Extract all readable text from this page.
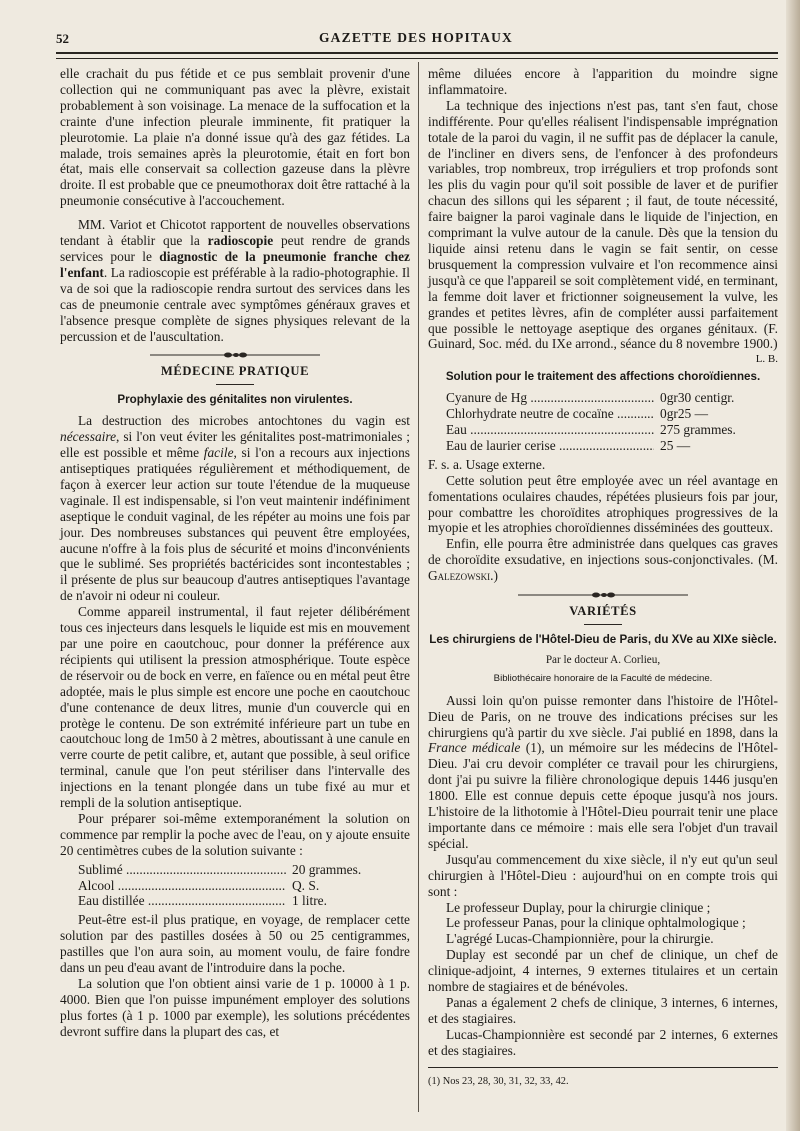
52	GAZETTE DES HOPITAUX

elle crachait du pus fétide et ce pus semblait provenir d'une collection qui ne communiquant pas avec la plèvre, existait probablement à son voisinage. La menace de la suffocation et la crainte d'une infection pleurale imminente, fit pratiquer la pleurotomie. La plaie n'a donné issue qu'à des gaz fétides. La malade, trois semaines après la pleurotomie, était en fort bon état, mais elle conservait sa collection gazeuse dans la plèvre droite. Il est probable que ce pneumothorax doit être rattaché à la pneumonie consécutive à l'accouchement.

MM. Variot et Chicotot rapportent de nouvelles observations tendant à établir que la radioscopie peut rendre de grands services pour le diagnostic de la pneumonie franche chez l'enfant. La radioscopie est préférable à la radio-photographie. Il va de soi que la radioscopie rendra surtout des services dans les cas de pneumonie centrale avec symptômes généraux graves et l'absence presque complète de signes physiques relevant de la percussion et de l'auscultation.

MÉDECINE PRATIQUE
Prophylaxie des génitalites non virulentes.

La destruction des microbes antochtones du vagin est nécessaire, si l'on veut éviter les génitalites post-matrimoniales ; elle est possible et même facile, si l'on a recours aux injections antiseptiques pratiquées régulièrement et méthodiquement, de façon à exercer leur action sur toute l'étendue de la muqueuse vaginale. Il est indispensable, si l'on veut maintenir indéfiniment aseptique le conduit vaginal, de les répéter au moins une fois par jour. Des nombreuses substances qui peuvent être employées, aucune n'offre à la fois plus de sécurité et moins d'inconvénients que le sublimé. Ses propriétés bactéricides sont incontestables ; il présente de plus sur beaucoup d'autres antiseptiques l'avantage de n'avoir ni odeur ni couleur.

Comme appareil instrumental, il faut rejeter délibérément tous ces injecteurs dans lesquels le liquide est mis en mouvement par une poire en caoutchouc, pour donner la préférence aux récipients qui utilisent la pression atmosphérique. Toute espèce de réservoir ou de bock en verre, en faïence ou en métal peut être adoptée, mais le plus simple est encore une poche en caoutchouc d'une contenance de deux litres, munie d'un couvercle qui en protège le contenu. De son extrémité inférieure part un tube en caoutchouc long de 1m50 à 2 mètres, aboutissant à une canule en verre courte de petit calibre, et, autant que possible, à seul orifice terminal, canule que l'on peut stériliser dans l'intervalle des injections en la tenant plongée dans un tube fixé au mur et rempli de la solution antiseptique.

Pour préparer soi-même extemporanément la solution on commence par remplir la poche avec de l'eau, on y ajoute ensuite 20 centimètres cubes de la solution suivante :

Sublimé .....	20 grammes.
Alcool .....	Q. S.
Eau distillée .....	1 litre.

Peut-être est-il plus pratique, en voyage, de remplacer cette solution par des pastilles dosées à 50 ou 25 centigrammes, pastilles que l'on aura soin, au moment voulu, de faire fondre dans un peu d'eau avant de l'introduire dans la poche.

La solution que l'on obtient ainsi varie de 1 p. 10000 à 1 p. 4000. Bien que l'on puisse impunément employer des solutions plus fortes (à 1 p. 1000 par exemple), les solutions précédentes devront suffire dans la plupart des cas, et

même diluées encore à l'apparition du moindre signe inflammatoire.

La technique des injections n'est pas, tant s'en faut, chose indifférente. Pour qu'elles réalisent l'indispensable imprégnation totale de la paroi du vagin, il ne suffit pas de déplacer la canule, de l'incliner en divers sens, de l'enfoncer à des profondeurs variables, trop nombreux, trop irréguliers et trop profonds sont les plis du vagin pour qu'il soit possible de laver et de purifier chacun des sillons qui les séparent ; il faut, de toute nécessité, faire baigner la paroi vaginale dans le liquide de l'injection, en comprimant la vulve autour de la canule. Dès que la tension du liquide ainsi retenu dans le vagin se fait sentir, on cesse brusquement la compression vulvaire et l'on recommence ainsi jusqu'à ce que l'appareil se soit complètement vidé, en terminant, la femme doit laver et frictionner soigneusement la vulve, les grandes et petites lèvres, afin de compléter aussi parfaitement que possible le nettoyage aseptique des organes génitaux. (F. Guinard, Soc. méd. du IXe arrond., séance du 8 novembre 1900.)

L. B.
Solution pour le traitement des affections choroïdiennes.
Cyanure de Hg .....	0gr30 centigr.
Chlorhydrate neutre de cocaïne .....	0gr25 —
Eau .....	275 grammes.
Eau de laurier cerise .....	25 —

F. s. a. Usage externe.

Cette solution peut être employée avec un réel avantage en fomentations oculaires chaudes, répétées plusieurs fois par jour, pour combattre les choroïdites atrophiques progressives de la myopie et les atrophies choroïdiennes disséminées des goutteux.

Enfin, elle pourra être administrée dans quelques cas graves de choroïdite exsudative, en injections sous-conjonctivales. (M. Galezowski.)

VARIÉTÉS
Les chirurgiens de l'Hôtel-Dieu de Paris, du XVe au XIXe siècle.
Par le docteur A. Corlieu,
Bibliothécaire honoraire de la Faculté de médecine.

Aussi loin qu'on puisse remonter dans l'histoire de l'Hôtel-Dieu de Paris, on ne trouve des indications précises sur les chirurgiens qu'à partir du xve siècle. J'ai publié en 1898, dans la France médicale (1), un mémoire sur les médecins de l'Hôtel-Dieu. J'ai cru devoir compléter ce travail pour les chirurgiens, dont j'ai pu suivre la filière chronologique depuis 1446 jusqu'en 1800. Elle est connue depuis cette époque jusqu'à nos jours. L'histoire de la lithotomie à l'Hôtel-Dieu pourrait tenir une place importante dans ce mémoire : mais elle sera l'objet d'un travail spécial.

Jusqu'au commencement du xixe siècle, il n'y eut qu'un seul chirurgien à l'Hôtel-Dieu : aujourd'hui on en compte trois qui sont :

Le professeur Duplay, pour la chirurgie clinique ;

Le professeur Panas, pour la clinique ophtalmologique ;

L'agrégé Lucas-Championnière, pour la chirurgie.

Duplay est secondé par un chef de clinique, un chef de clinique-adjoint, 4 internes, 9 externes titulaires et un certain nombre de stagiaires et de bénévoles.

Panas a également 2 chefs de clinique, 3 internes, 6 internes, et des stagiaires.

Lucas-Championnière est secondé par 2 internes, 6 externes et des stagiaires.

(1) Nos 23, 28, 30, 31, 32, 33, 42.
